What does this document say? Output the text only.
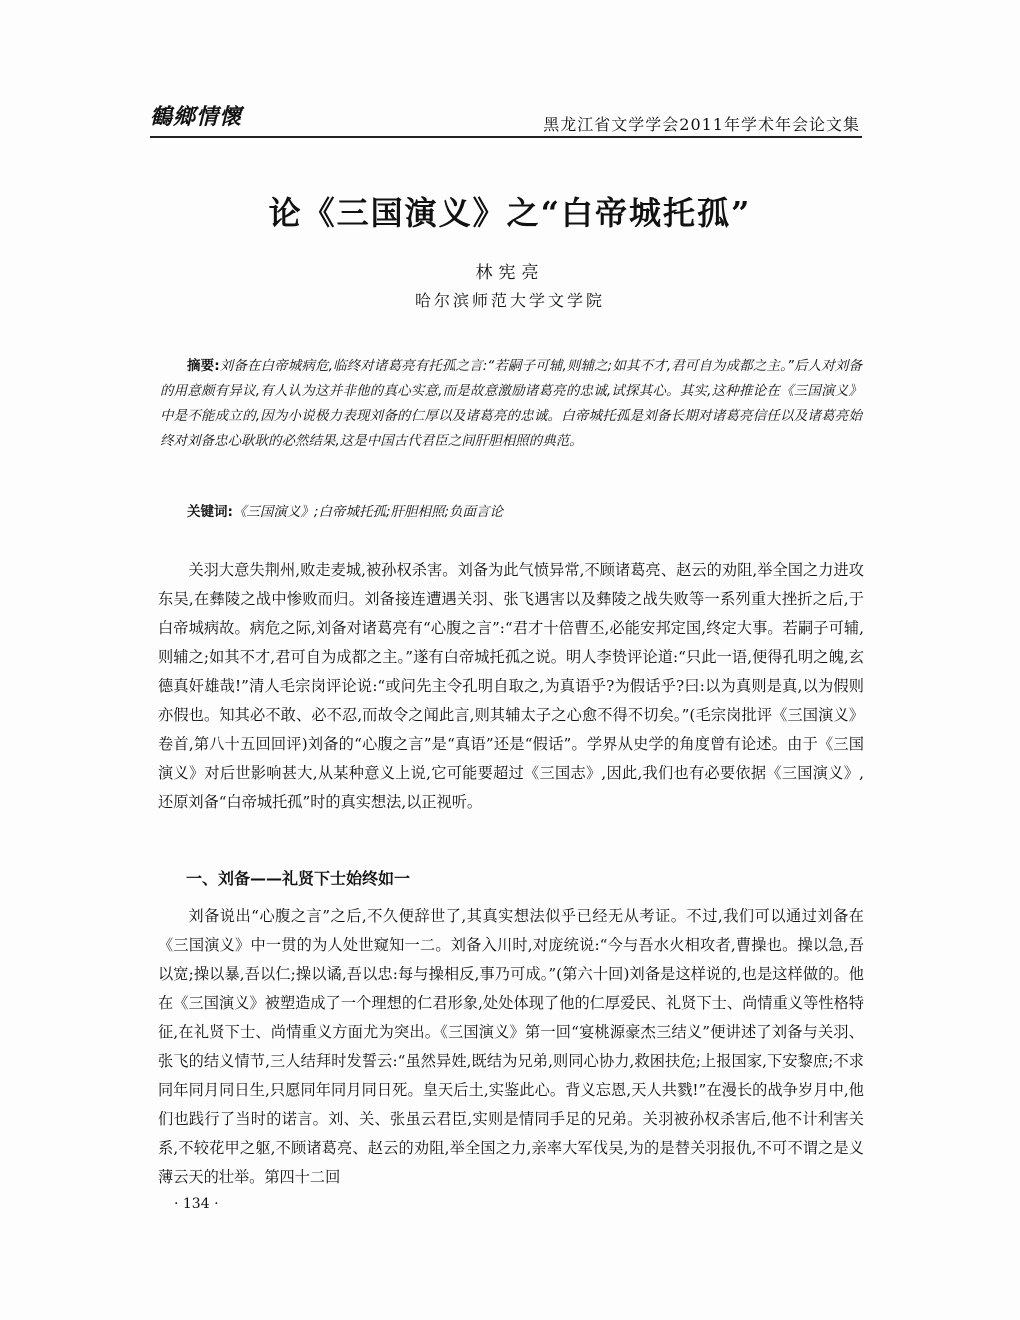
鶴鄉情懷	黑龙江省文学学会2011年学术年会论文集
论《三国演义》之“白帝城托孤”
林宪亮
哈尔滨师范大学文学院
摘要:刘备在白帝城病危,临终对诸葛亮有托孤之言:“若嗣子可辅,则辅之;如其不才,君可自为成都之主。”后人对刘备的用意颇有异议,有人认为这并非他的真心实意,而是故意激励诸葛亮的忠诚,试探其心。其实,这种推论在《三国演义》中是不能成立的,因为小说极力表现刘备的仁厚以及诸葛亮的忠诚。白帝城托孤是刘备长期对诸葛亮信任以及诸葛亮始终对刘备忠心耿耿的必然结果,这是中国古代君臣之间肝胆相照的典范。
关键词:《三国演义》;白帝城托孤;肝胆相照;负面言论
关羽大意失荆州,败走麦城,被孙权杀害。刘备为此气愤异常,不顾诸葛亮、赵云的劝阻,举全国之力进攻东吴,在彝陵之战中惨败而归。刘备接连遭遇关羽、张飞遇害以及彝陵之战失败等一系列重大挫折之后,于白帝城病故。病危之际,刘备对诸葛亮有“心腹之言”:“君才十倍曹丕,必能安邦定国,终定大事。若嗣子可辅,则辅之;如其不才,君可自为成都之主。”遂有白帝城托孤之说。明人李贽评论道:“只此一语,便得孔明之魄,玄德真奸雄哉!”清人毛宗岗评论说:“或问先主令孔明自取之,为真语乎?为假话乎?曰:以为真则是真,以为假则亦假也。知其必不敢、必不忍,而故令之闻此言,则其辅太子之心愈不得不切矣。”(毛宗岗批评《三国演义》卷首,第八十五回回评)刘备的“心腹之言”是“真语”还是“假话”。学界从史学的角度曾有论述。由于《三国演义》对后世影响甚大,从某种意义上说,它可能要超过《三国志》,因此,我们也有必要依据《三国演义》,还原刘备“白帝城托孤”时的真实想法,以正视听。
一、刘备——礼贤下士始终如一
刘备说出“心腹之言”之后,不久便辞世了,其真实想法似乎已经无从考证。不过,我们可以通过刘备在《三国演义》中一贯的为人处世窥知一二。刘备入川时,对庞统说:“今与吾水火相攻者,曹操也。操以急,吾以宽;操以暴,吾以仁;操以谲,吾以忠:每与操相反,事乃可成。”(第六十回)刘备是这样说的,也是这样做的。他在《三国演义》被塑造成了一个理想的仁君形象,处处体现了他的仁厚爱民、礼贤下士、尚情重义等性格特征,在礼贤下士、尚情重义方面尤为突出。《三国演义》第一回“宴桃源豪杰三结义”便讲述了刘备与关羽、张飞的结义情节,三人结拜时发誓云:“虽然异姓,既结为兄弟,则同心协力,救困扶危;上报国家,下安黎庶;不求同年同月同日生,只愿同年同月同日死。皇天后土,实鉴此心。背义忘恩,天人共戮!”在漫长的战争岁月中,他们也践行了当时的诺言。刘、关、张虽云君臣,实则是情同手足的兄弟。关羽被孙权杀害后,他不计利害关系,不较花甲之躯,不顾诸葛亮、赵云的劝阻,举全国之力,亲率大军伐吴,为的是替关羽报仇,不可不谓之是义薄云天的壮举。第四十二回
· 134 ·
